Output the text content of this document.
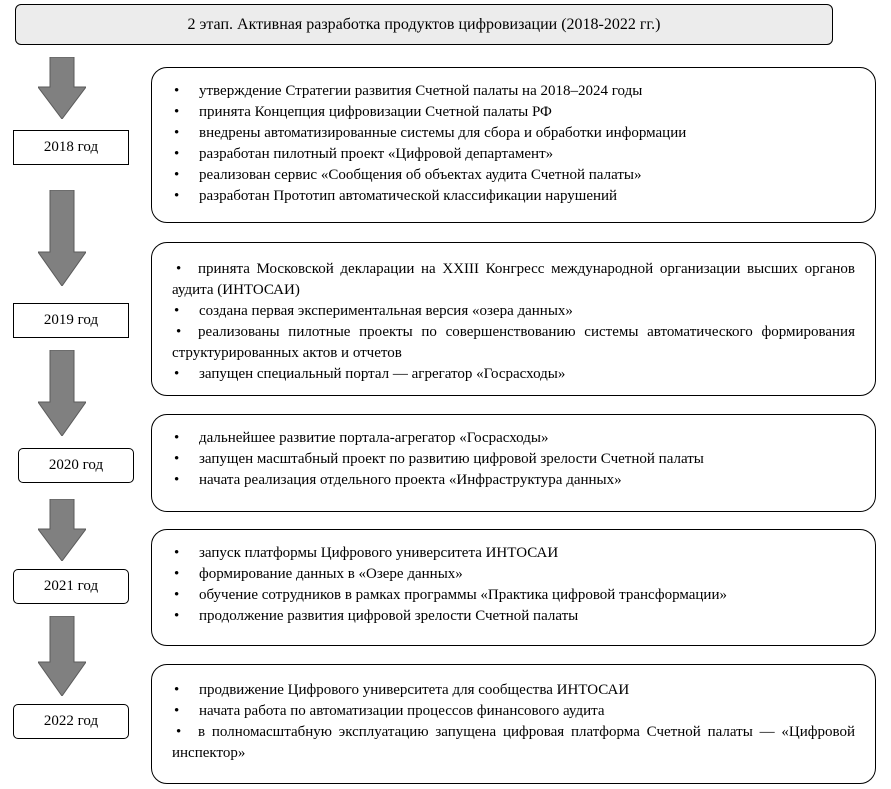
2 этап. Активная разработка продуктов цифровизации (2018-2022 гг.)
2018 год
2019 год
2020 год
2021 год
2022 год
• утверждение Стратегии развития Счетной палаты на 2018–2024 годы
• принята Концепция цифровизации Счетной палаты РФ
• внедрены автоматизированные системы для сбора и обработки информации
• разработан пилотный проект «Цифровой департамент»
• реализован сервис «Сообщения об объектах аудита Счетной палаты»
• разработан Прототип автоматической классификации нарушений
• принята Московской декларации на XXIII Конгресс международной организации высших органов аудита (ИНТОСАИ)
• создана первая экспериментальная версия «озера данных»
• реализованы пилотные проекты по совершенствованию системы автоматического формирования структурированных актов и отчетов
• запущен специальный портал — агрегатор «Госрасходы»
• дальнейшее развитие портала-агрегатор «Госрасходы»
• запущен масштабный проект по развитию цифровой зрелости Счетной палаты
• начата реализация отдельного проекта «Инфраструктура данных»
• запуск платформы Цифрового университета ИНТОСАИ
• формирование данных в «Озере данных»
• обучение сотрудников в рамках программы «Практика цифровой трансформации»
• продолжение развития цифровой зрелости Счетной палаты
• продвижение Цифрового университета для сообщества ИНТОСАИ
• начата работа по автоматизации процессов финансового аудита
• в полномасштабную эксплуатацию запущена цифровая платформа Счетной палаты — «Цифровой инспектор»
